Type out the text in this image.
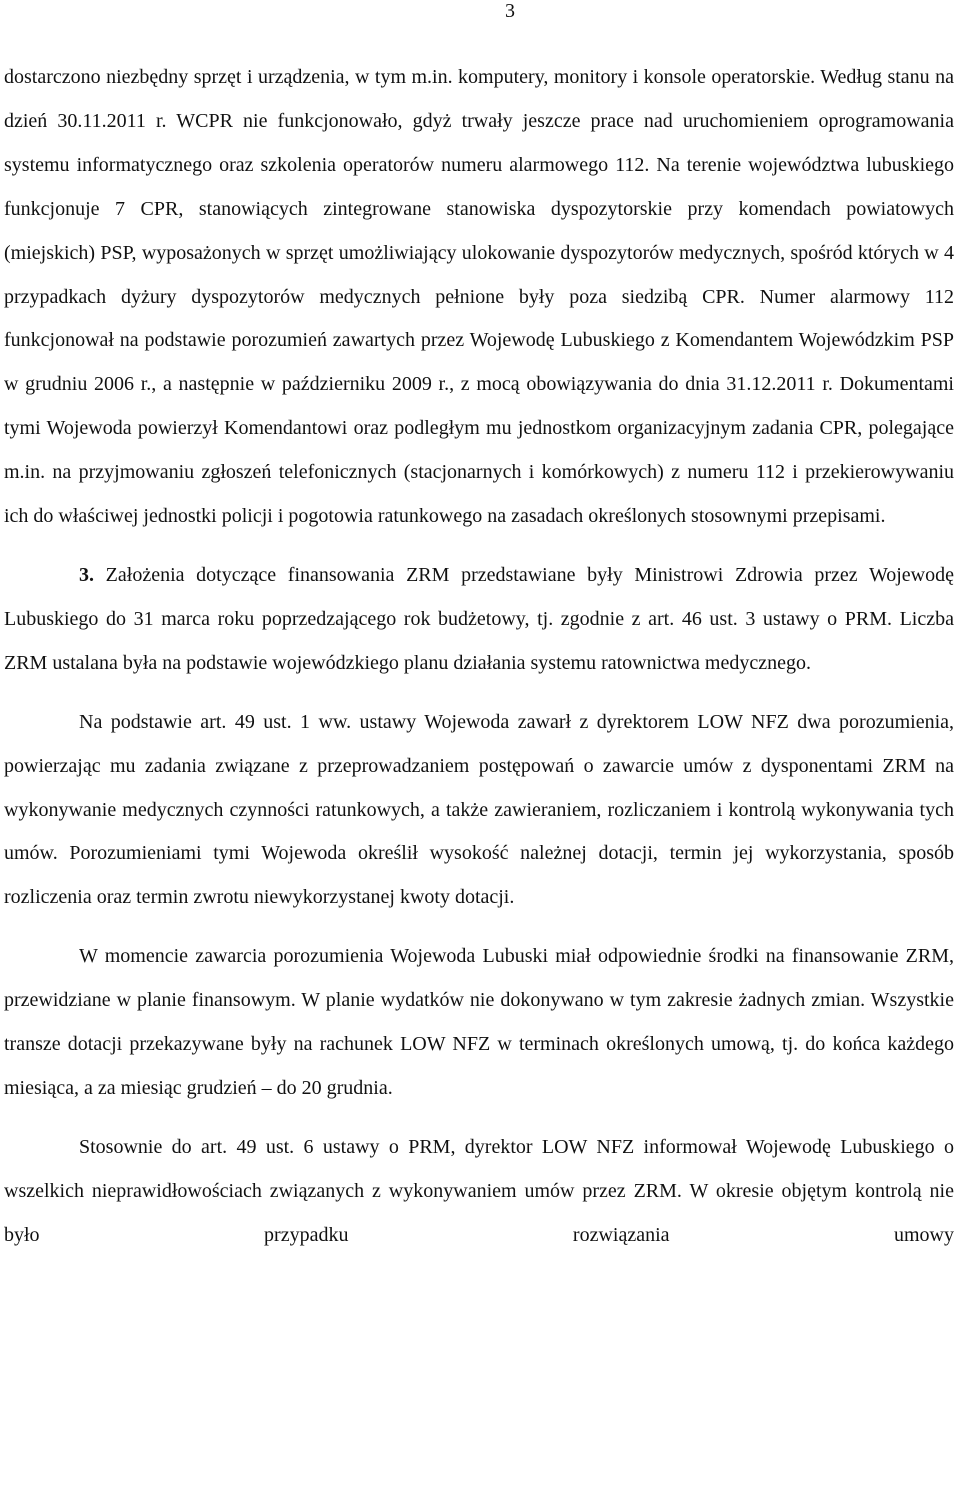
3

dostarczono niezbędny sprzęt i urządzenia, w tym m.in. komputery, monitory i konsole operatorskie. Według stanu na dzień 30.11.2011 r. WCPR nie funkcjonowało, gdyż trwały jeszcze prace nad uruchomieniem oprogramowania systemu informatycznego oraz szkolenia operatorów numeru alarmowego 112. Na terenie województwa lubuskiego funkcjonuje 7 CPR, stanowiących zintegrowane stanowiska dyspozytorskie przy komendach powiatowych (miejskich) PSP, wyposażonych w sprzęt umożliwiający ulokowanie dyspozytorów medycznych, spośród których w 4 przypadkach dyżury dyspozytorów medycznych pełnione były poza siedzibą CPR. Numer alarmowy 112 funkcjonował na podstawie porozumień zawartych przez Wojewodę Lubuskiego z Komendantem Wojewódzkim PSP w grudniu 2006 r., a następnie w październiku 2009 r., z mocą obowiązywania do dnia 31.12.2011 r. Dokumentami tymi Wojewoda powierzył Komendantowi oraz podległym mu jednostkom organizacyjnym zadania CPR, polegające m.in. na przyjmowaniu zgłoszeń telefonicznych (stacjonarnych i komórkowych) z numeru 112 i przekierowywaniu ich do właściwej jednostki policji i pogotowia ratunkowego na zasadach określonych stosownymi przepisami.

3. Założenia dotyczące finansowania ZRM przedstawiane były Ministrowi Zdrowia przez Wojewodę Lubuskiego do 31 marca roku poprzedzającego rok budżetowy, tj. zgodnie z art. 46 ust. 3 ustawy o PRM. Liczba ZRM ustalana była na podstawie wojewódzkiego planu działania systemu ratownictwa medycznego.

Na podstawie art. 49 ust. 1 ww. ustawy Wojewoda zawarł z dyrektorem LOW NFZ dwa porozumienia, powierzając mu zadania związane z przeprowadzaniem postępowań o zawarcie umów z dysponentami ZRM na wykonywanie medycznych czynności ratunkowych, a także zawieraniem, rozliczaniem i kontrolą wykonywania tych umów. Porozumieniami tymi Wojewoda określił wysokość należnej dotacji, termin jej wykorzystania, sposób rozliczenia oraz termin zwrotu niewykorzystanej kwoty dotacji.

W momencie zawarcia porozumienia Wojewoda Lubuski miał odpowiednie środki na finansowanie ZRM, przewidziane w planie finansowym. W planie wydatków nie dokonywano w tym zakresie żadnych zmian. Wszystkie transze dotacji przekazywane były na rachunek LOW NFZ w terminach określonych umową, tj. do końca każdego miesiąca, a za miesiąc grudzień – do 20 grudnia.

Stosownie do art. 49 ust. 6 ustawy o PRM, dyrektor LOW NFZ informował Wojewodę Lubuskiego o wszelkich nieprawidłowościach związanych z wykonywaniem umów przez ZRM. W okresie objętym kontrolą nie było przypadku rozwiązania umowy
